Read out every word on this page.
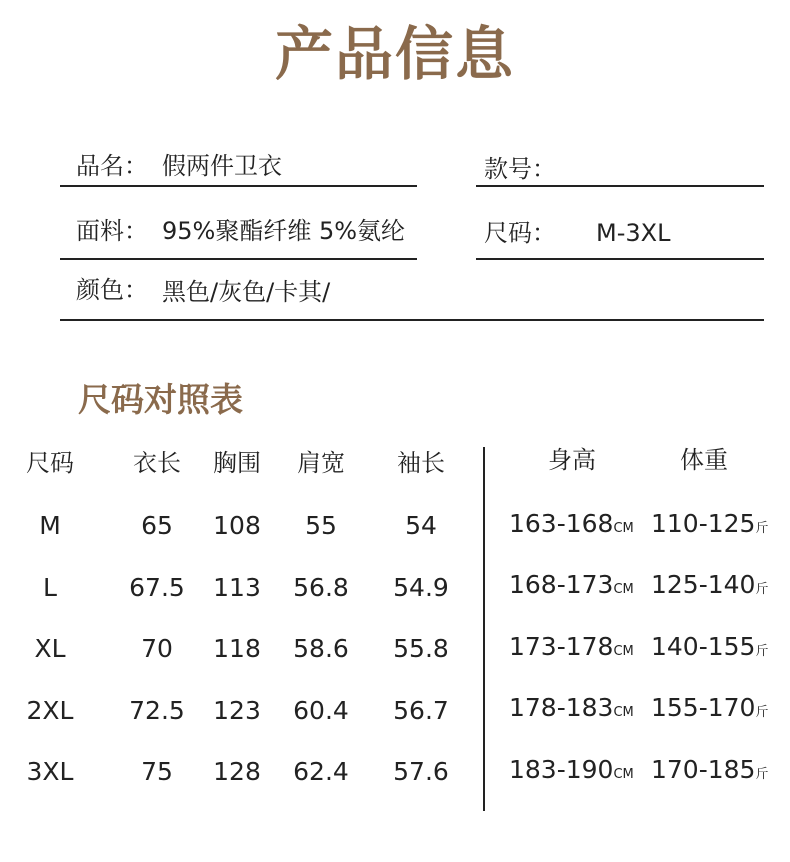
产品信息
品名： 假两件卫衣	款号：
面料： 95%聚酯纤维 5%氨纶	尺码： M-3XL
颜色： 黑色/灰色/卡其/
尺码对照表
尺码	衣长	胸围	肩宽	袖长	身高	体重
M	65	108	55	54	163-168CM 110-125斤
L	67.5	113	56.8	54.9	168-173CM 125-140斤
XL	70	118	58.6	55.8	173-178CM 140-155斤
2XL	72.5	123	60.4	56.7	178-183CM 155-170斤
3XL	75	128	62.4	57.6	183-190CM 170-185斤
